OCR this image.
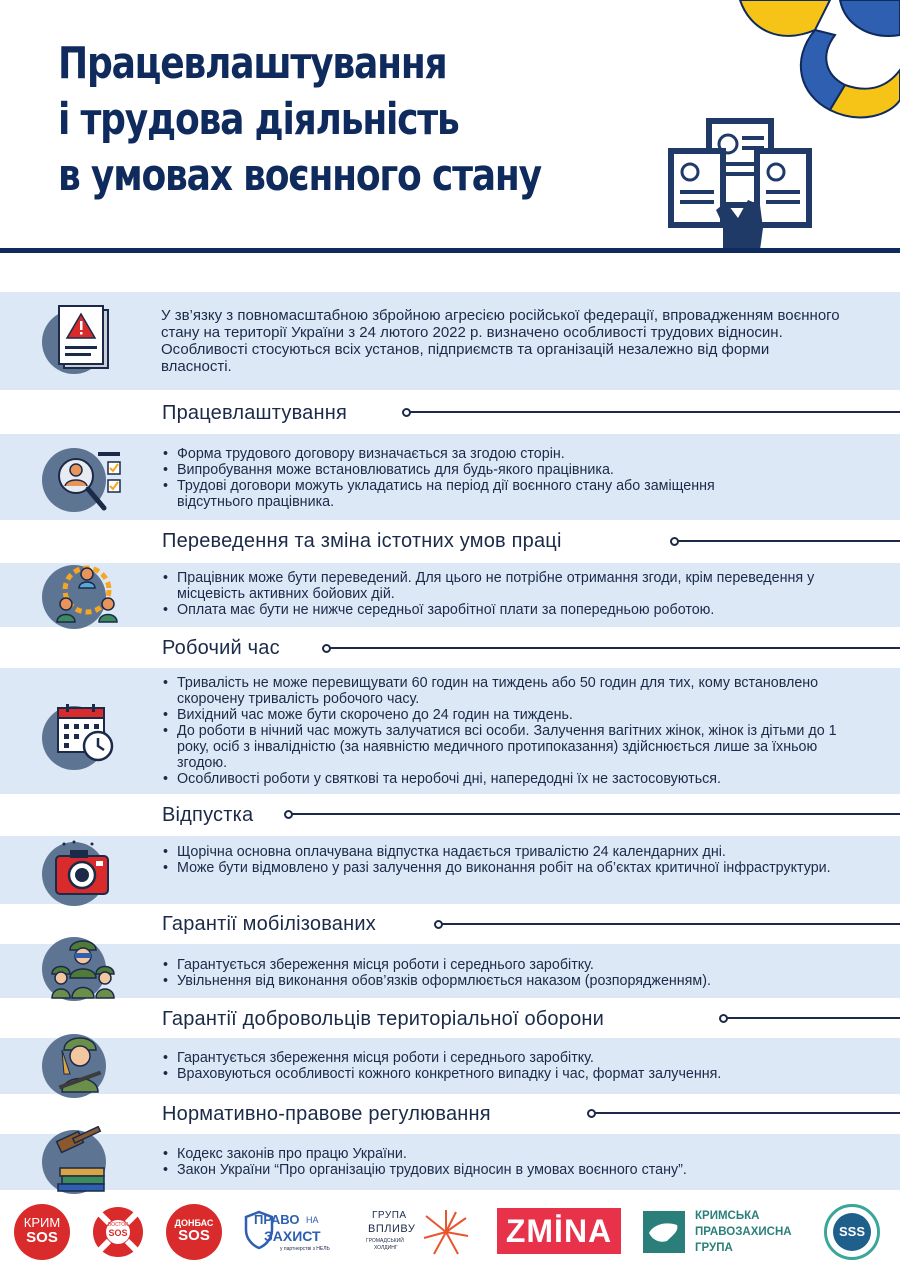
Працевлаштування
і трудова діяльність
в умовах воєнного стану
У зв’язку з повномасштабною збройною агресією російської федерації, впровадженням воєнного стану на території України з 24 лютого 2022 р. визначено особливості трудових відносин. Особливості стосуються всіх установ, підприємств та організацій незалежно від форми власності.
Працевлаштування
• Форма трудового договору визначається за згодою сторін.
• Випробування може встановлюватись для будь-якого працівника.
• Трудові договори можуть укладатись на період дії воєнного стану або заміщення відсутнього працівника.
Переведення та зміна істотних умов праці
• Працівник може бути переведений. Для цього не потрібне отримання згоди, крім переведення у місцевість активних бойових дій.
• Оплата має бути не нижче середньої заробітної плати за попередньою роботою.
Робочий час
• Тривалість не може перевищувати 60 годин на тиждень або 50 годин для тих, кому встановлено скорочену тривалість робочого часу.
• Вихідний час може бути скорочено до 24 годин на тиждень.
• До роботи в нічний час можуть залучатися всі особи. Залучення вагітних жінок, жінок із дітьми до 1 року, осіб з інвалідністю (за наявністю медичного протипоказання) здійснюється лише за їхньою згодою.
• Особливості роботи у святкові та неробочі дні, напередодні їх не застосовуються.
Відпустка
• Щорічна основна оплачувана відпустка надається тривалістю 24 календарних дні.
• Може бути відмовлено у разі залучення до виконання робіт на об’єктах критичної інфраструктури.
Гарантії мобілізованих
• Гарантується збереження місця роботи і середнього заробітку.
• Увільнення від виконання обов’язків оформлюється наказом (розпорядженням).
Гарантії добровольців територіальної оборони
• Гарантується збереження місця роботи і середнього заробітку.
• Враховуються особливості кожного конкретного випадку і час, формат залучення.
Нормативно-правове регулювання
• Кодекс законів про працю України.
• Закон України “Про організацію трудових відносин в умовах воєнного стану”.
КРИМ
SOS
ВОСТОК
SOS
ДОНБАС
SOS
ПРАВО НА
ЗАХИСТ
у партнерстві з НЕЛЬ
ГРУПА
ВПЛИВУ
ГРОМАДСЬКИЙ
ХОЛДИНГ	ZMİNA	КРИМСЬКА
ПРАВОЗАХИСНА
ГРУПА
SSS
